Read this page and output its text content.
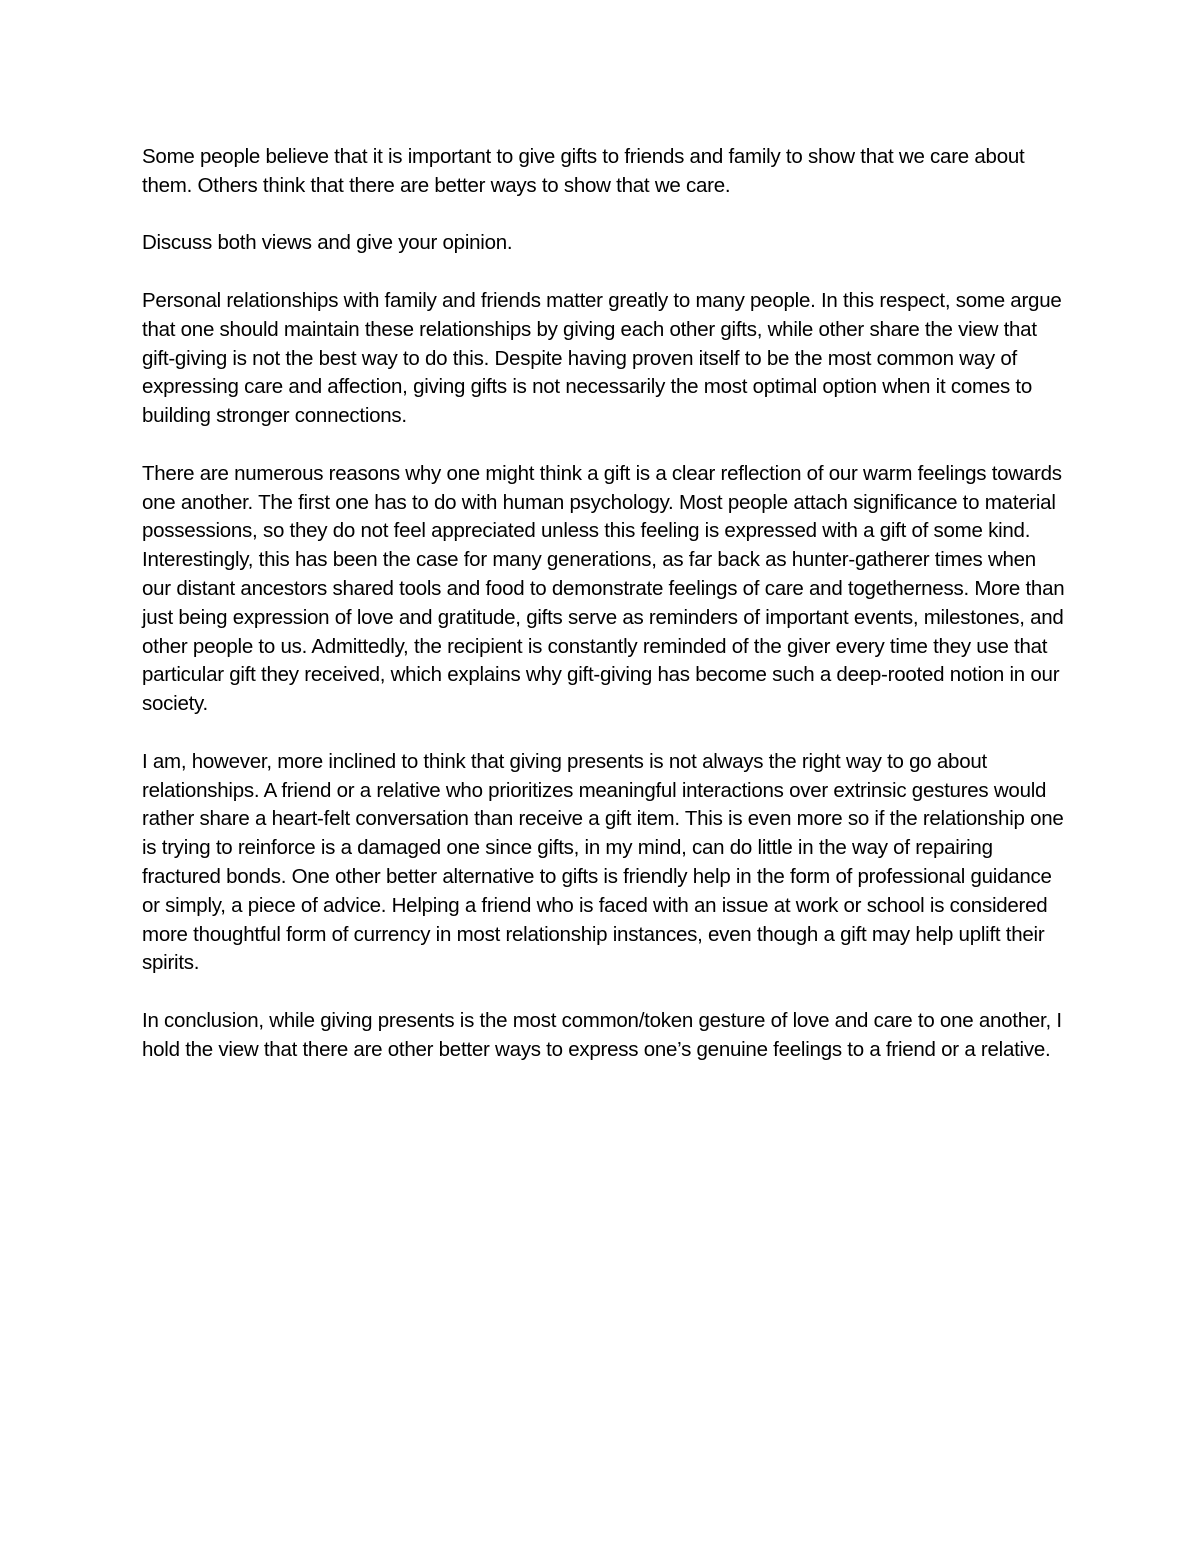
Some people believe that it is important to give gifts to friends and family to show that we care about them. Others think that there are better ways to show that we care.

Discuss both views and give your opinion.

Personal relationships with family and friends matter greatly to many people. In this respect, some argue that one should maintain these relationships by giving each other gifts, while other share the view that gift-giving is not the best way to do this. Despite having proven itself to be the most common way of expressing care and affection, giving gifts is not necessarily the most optimal option when it comes to building stronger connections.

There are numerous reasons why one might think a gift is a clear reflection of our warm feelings towards one another. The first one has to do with human psychology. Most people attach significance to material possessions, so they do not feel appreciated unless this feeling is expressed with a gift of some kind. Interestingly, this has been the case for many generations, as far back as hunter-gatherer times when our distant ancestors shared tools and food to demonstrate feelings of care and togetherness. More than just being expression of love and gratitude, gifts serve as reminders of important events, milestones, and other people to us. Admittedly, the recipient is constantly reminded of the giver every time they use that particular gift they received, which explains why gift-giving has become such a deep-rooted notion in our society.

I am, however, more inclined to think that giving presents is not always the right way to go about relationships. A friend or a relative who prioritizes meaningful interactions over extrinsic gestures would rather share a heart-felt conversation than receive a gift item. This is even more so if the relationship one is trying to reinforce is a damaged one since gifts, in my mind, can do little in the way of repairing fractured bonds. One other better alternative to gifts is friendly help in the form of professional guidance or simply, a piece of advice. Helping a friend who is faced with an issue at work or school is considered more thoughtful form of currency in most relationship instances, even though a gift may help uplift their spirits.

In conclusion, while giving presents is the most common/token gesture of love and care to one another, I hold the view that there are other better ways to express one’s genuine feelings to a friend or a relative.
